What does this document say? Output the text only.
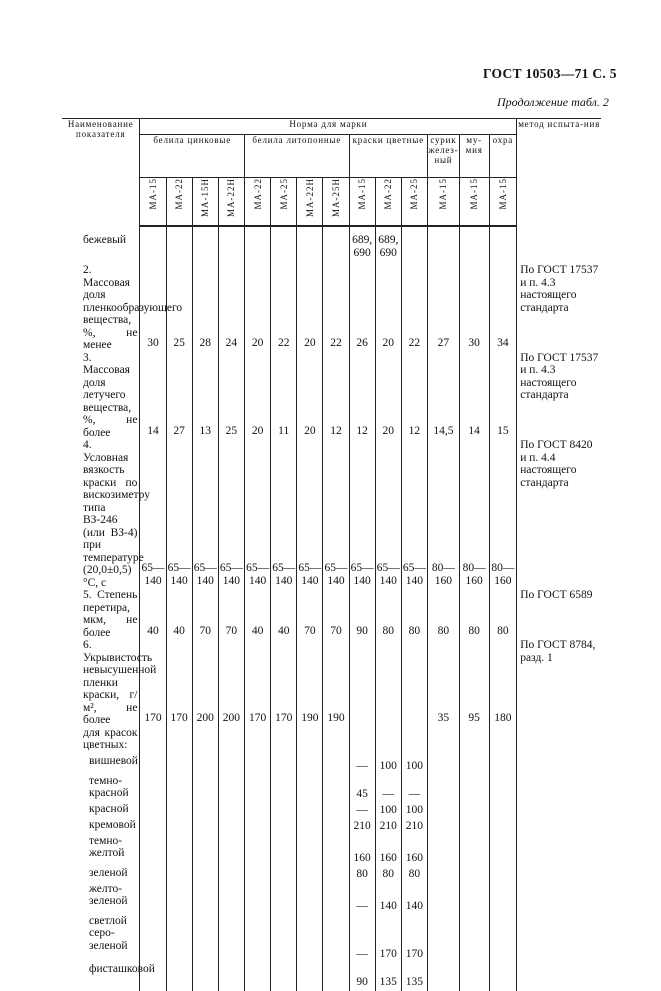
ГОСТ 10503—71 С. 5
Продолжение табл. 2
Наименование показателя	Норма для марки														метод испыта-ния
	белила цинковые				белила литопонные				краски цветные			сурик желез-ный	му-мия	охра	
	МА-15	МА-22	МА-15Н	МА-22Н	МА-22	МА-25	МА-22Н	МА-25Н	МА-15	МА-22	МА-25	МА-15	МА-15	МА-15	

бежевый									689, 690	689, 690					
2. Массовая доля пленкообразующего вещества, %, не менее	30	25	28	24	20	22	20	22	26	20	22	27	30	34	По ГОСТ 17537 и п. 4.3 настоящего стандарта
3. Массовая доля летучего вещества, %, не более	14	27	13	25	20	11	20	12	12	20	12	14,5	14	15	По ГОСТ 17537 и п. 4.3 настоящего стандарта
4. Условная вязкость краски по вискозиметру типа ВЗ-246 (или ВЗ-4) при температуре (20,0±0,5) °С, с	65—140	65—140	65—140	65—140	65—140	65—140	65—140	65—140	65—140	65—140	65—140	80—160	80—160	80—160	По ГОСТ 8420 и п. 4.4 настоящего стандарта
5. Степень перетира, мкм, не более	40	40	70	70	40	40	70	70	90	80	80	80	80	80	По ГОСТ 6589
6. Укрывистость невысушенной пленки краски, г/м², не более	170	170	200	200	170	170	190	190				35	95	180	По ГОСТ 8784, разд. 1
для красок цветных:															
вишневой									—	100	100				
темно-красной									45	—	—				
красной									—	100	100				
кремовой									210	210	210				
темно-желтой									160	160	160				
зеленой									80	80	80				
желто-зеленой									—	140	140				
светлой серо-зеленой									—	170	170				
фисташковой									90	135	135				
